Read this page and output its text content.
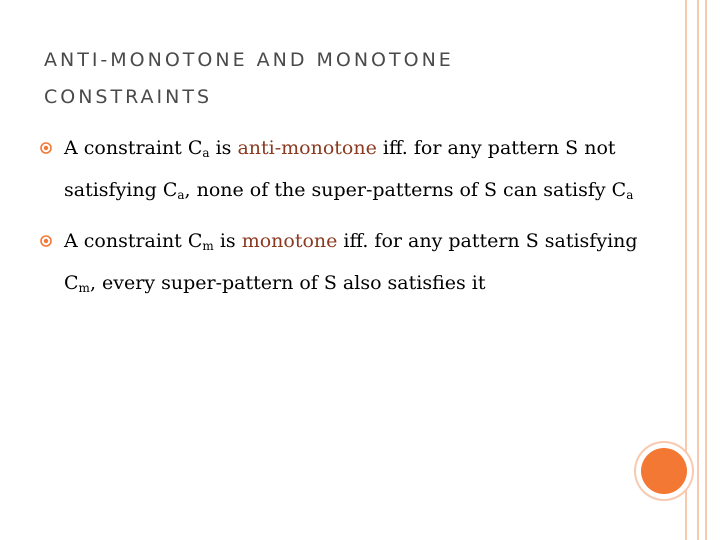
ANTI-MONOTONE AND MONOTONE
CONSTRAINTS
A constraint $C_a$ is anti-monotone iff. for any pattern S not satisfying $C_a$, none of the super-patterns of S can satisfy $C_a$
A constraint $C_m$ is monotone iff. for any pattern S satisfying $C_m$, every super-pattern of S also satisfies it
